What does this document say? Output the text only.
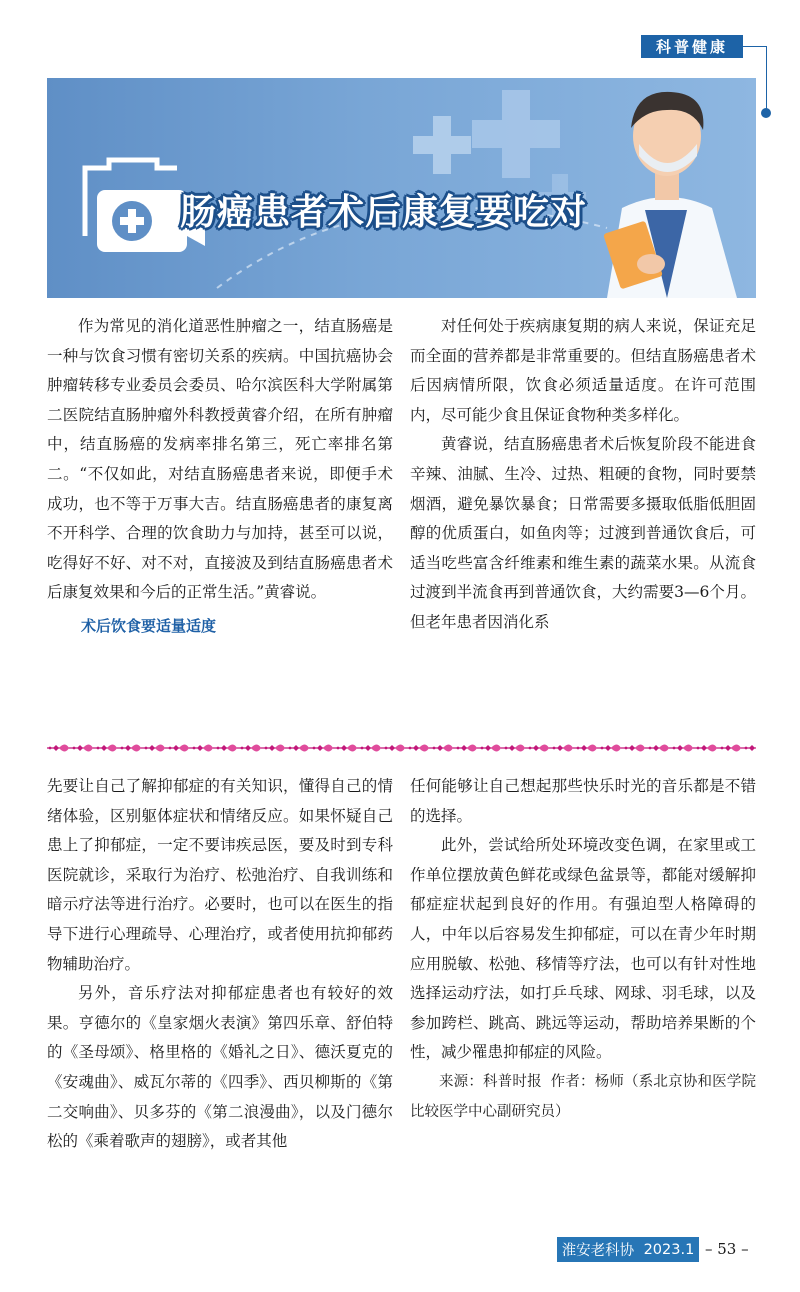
科普健康
肠癌患者术后康复要吃对

作为常见的消化道恶性肿瘤之一，结直肠癌是一种与饮食习惯有密切关系的疾病。中国抗癌协会肿瘤转移专业委员会委员、哈尔滨医科大学附属第二医院结直肠肿瘤外科教授黄睿介绍，在所有肿瘤中，结直肠癌的发病率排名第三，死亡率排名第二。“不仅如此，对结直肠癌患者来说，即便手术成功，也不等于万事大吉。结直肠癌患者的康复离不开科学、合理的饮食助力与加持，甚至可以说，吃得好不好、对不对，直接波及到结直肠癌患者术后康复效果和今后的正常生活。”黄睿说。

术后饮食要适量适度

对任何处于疾病康复期的病人来说，保证充足而全面的营养都是非常重要的。但结直肠癌患者术后因病情所限，饮食必须适量适度。在许可范围内，尽可能少食且保证食物种类多样化。

黄睿说，结直肠癌患者术后恢复阶段不能进食辛辣、油腻、生冷、过热、粗硬的食物，同时要禁烟酒，避免暴饮暴食；日常需要多摄取低脂低胆固醇的优质蛋白，如鱼肉等；过渡到普通饮食后，可适当吃些富含纤维素和维生素的蔬菜水果。从流食过渡到半流食再到普通饮食，大约需要3—6个月。但老年患者因消化系

先要让自己了解抑郁症的有关知识，懂得自己的情绪体验，区别躯体症状和情绪反应。如果怀疑自己患上了抑郁症，一定不要讳疾忌医，要及时到专科医院就诊，采取行为治疗、松弛治疗、自我训练和暗示疗法等进行治疗。必要时，也可以在医生的指导下进行心理疏导、心理治疗，或者使用抗抑郁药物辅助治疗。

另外，音乐疗法对抑郁症患者也有较好的效果。亨德尔的《皇家烟火表演》第四乐章、舒伯特的《圣母颂》、格里格的《婚礼之日》、德沃夏克的《安魂曲》、威瓦尔蒂的《四季》、西贝柳斯的《第二交响曲》、贝多芬的《第二浪漫曲》，以及门德尔松的《乘着歌声的翅膀》，或者其他

任何能够让自己想起那些快乐时光的音乐都是不错的选择。

此外，尝试给所处环境改变色调，在家里或工作单位摆放黄色鲜花或绿色盆景等，都能对缓解抑郁症症状起到良好的作用。有强迫型人格障碍的人，中年以后容易发生抑郁症，可以在青少年时期应用脱敏、松弛、移情等疗法，也可以有针对性地选择运动疗法，如打乒乓球、网球、羽毛球，以及参加跨栏、跳高、跳远等运动，帮助培养果断的个性，减少罹患抑郁症的风险。

来源：科普时报 作者：杨师（系北京协和医学院比较医学中心副研究员）

淮安老科协 2023.1 – 53 –
